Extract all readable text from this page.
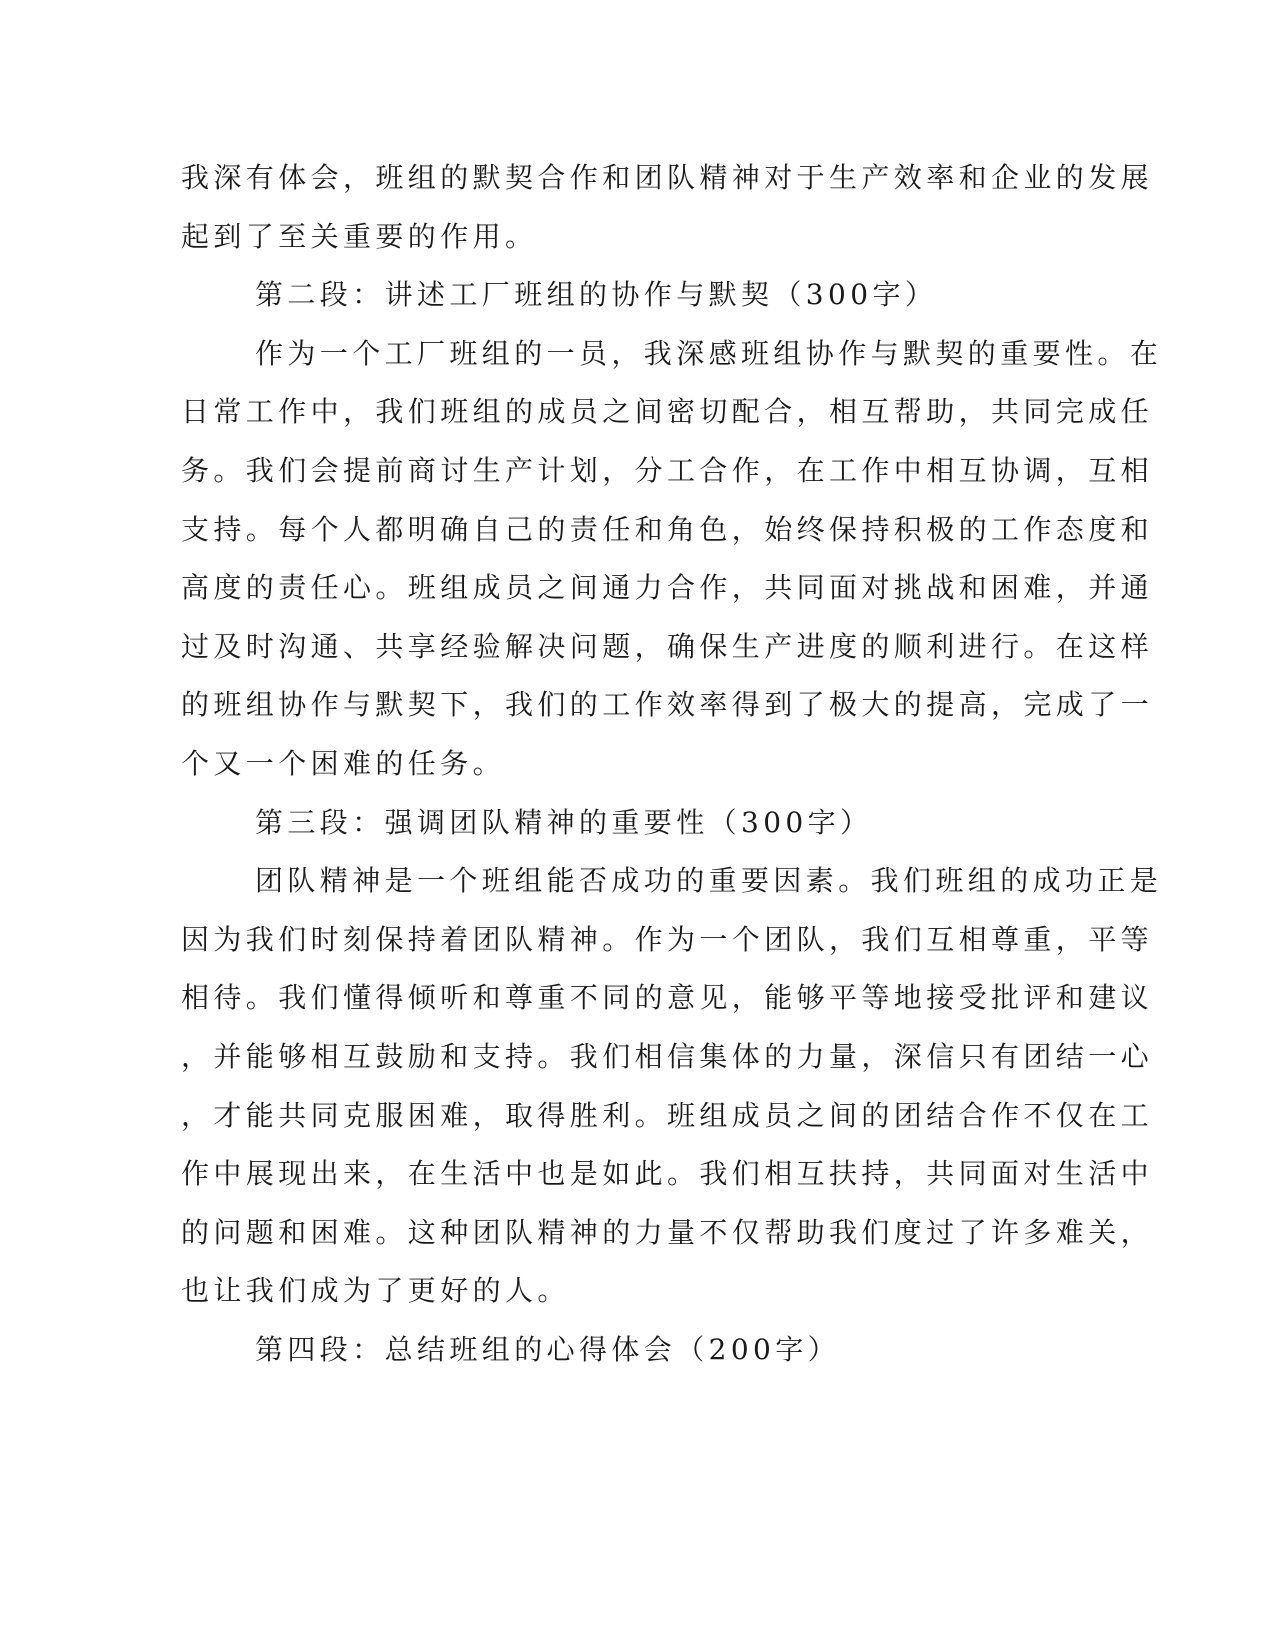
我深有体会，班组的默契合作和团队精神对于生产效率和企业的发展
起到了至关重要的作用。
第二段：讲述工厂班组的协作与默契（300字）
作为一个工厂班组的一员，我深感班组协作与默契的重要性。在
日常工作中，我们班组的成员之间密切配合，相互帮助，共同完成任
务。我们会提前商讨生产计划，分工合作，在工作中相互协调，互相
支持。每个人都明确自己的责任和角色，始终保持积极的工作态度和
高度的责任心。班组成员之间通力合作，共同面对挑战和困难，并通
过及时沟通、共享经验解决问题，确保生产进度的顺利进行。在这样
的班组协作与默契下，我们的工作效率得到了极大的提高，完成了一
个又一个困难的任务。
第三段：强调团队精神的重要性（300字）
团队精神是一个班组能否成功的重要因素。我们班组的成功正是
因为我们时刻保持着团队精神。作为一个团队，我们互相尊重，平等
相待。我们懂得倾听和尊重不同的意见，能够平等地接受批评和建议
，并能够相互鼓励和支持。我们相信集体的力量，深信只有团结一心
，才能共同克服困难，取得胜利。班组成员之间的团结合作不仅在工
作中展现出来，在生活中也是如此。我们相互扶持，共同面对生活中
的问题和困难。这种团队精神的力量不仅帮助我们度过了许多难关，
也让我们成为了更好的人。
第四段：总结班组的心得体会（200字）
